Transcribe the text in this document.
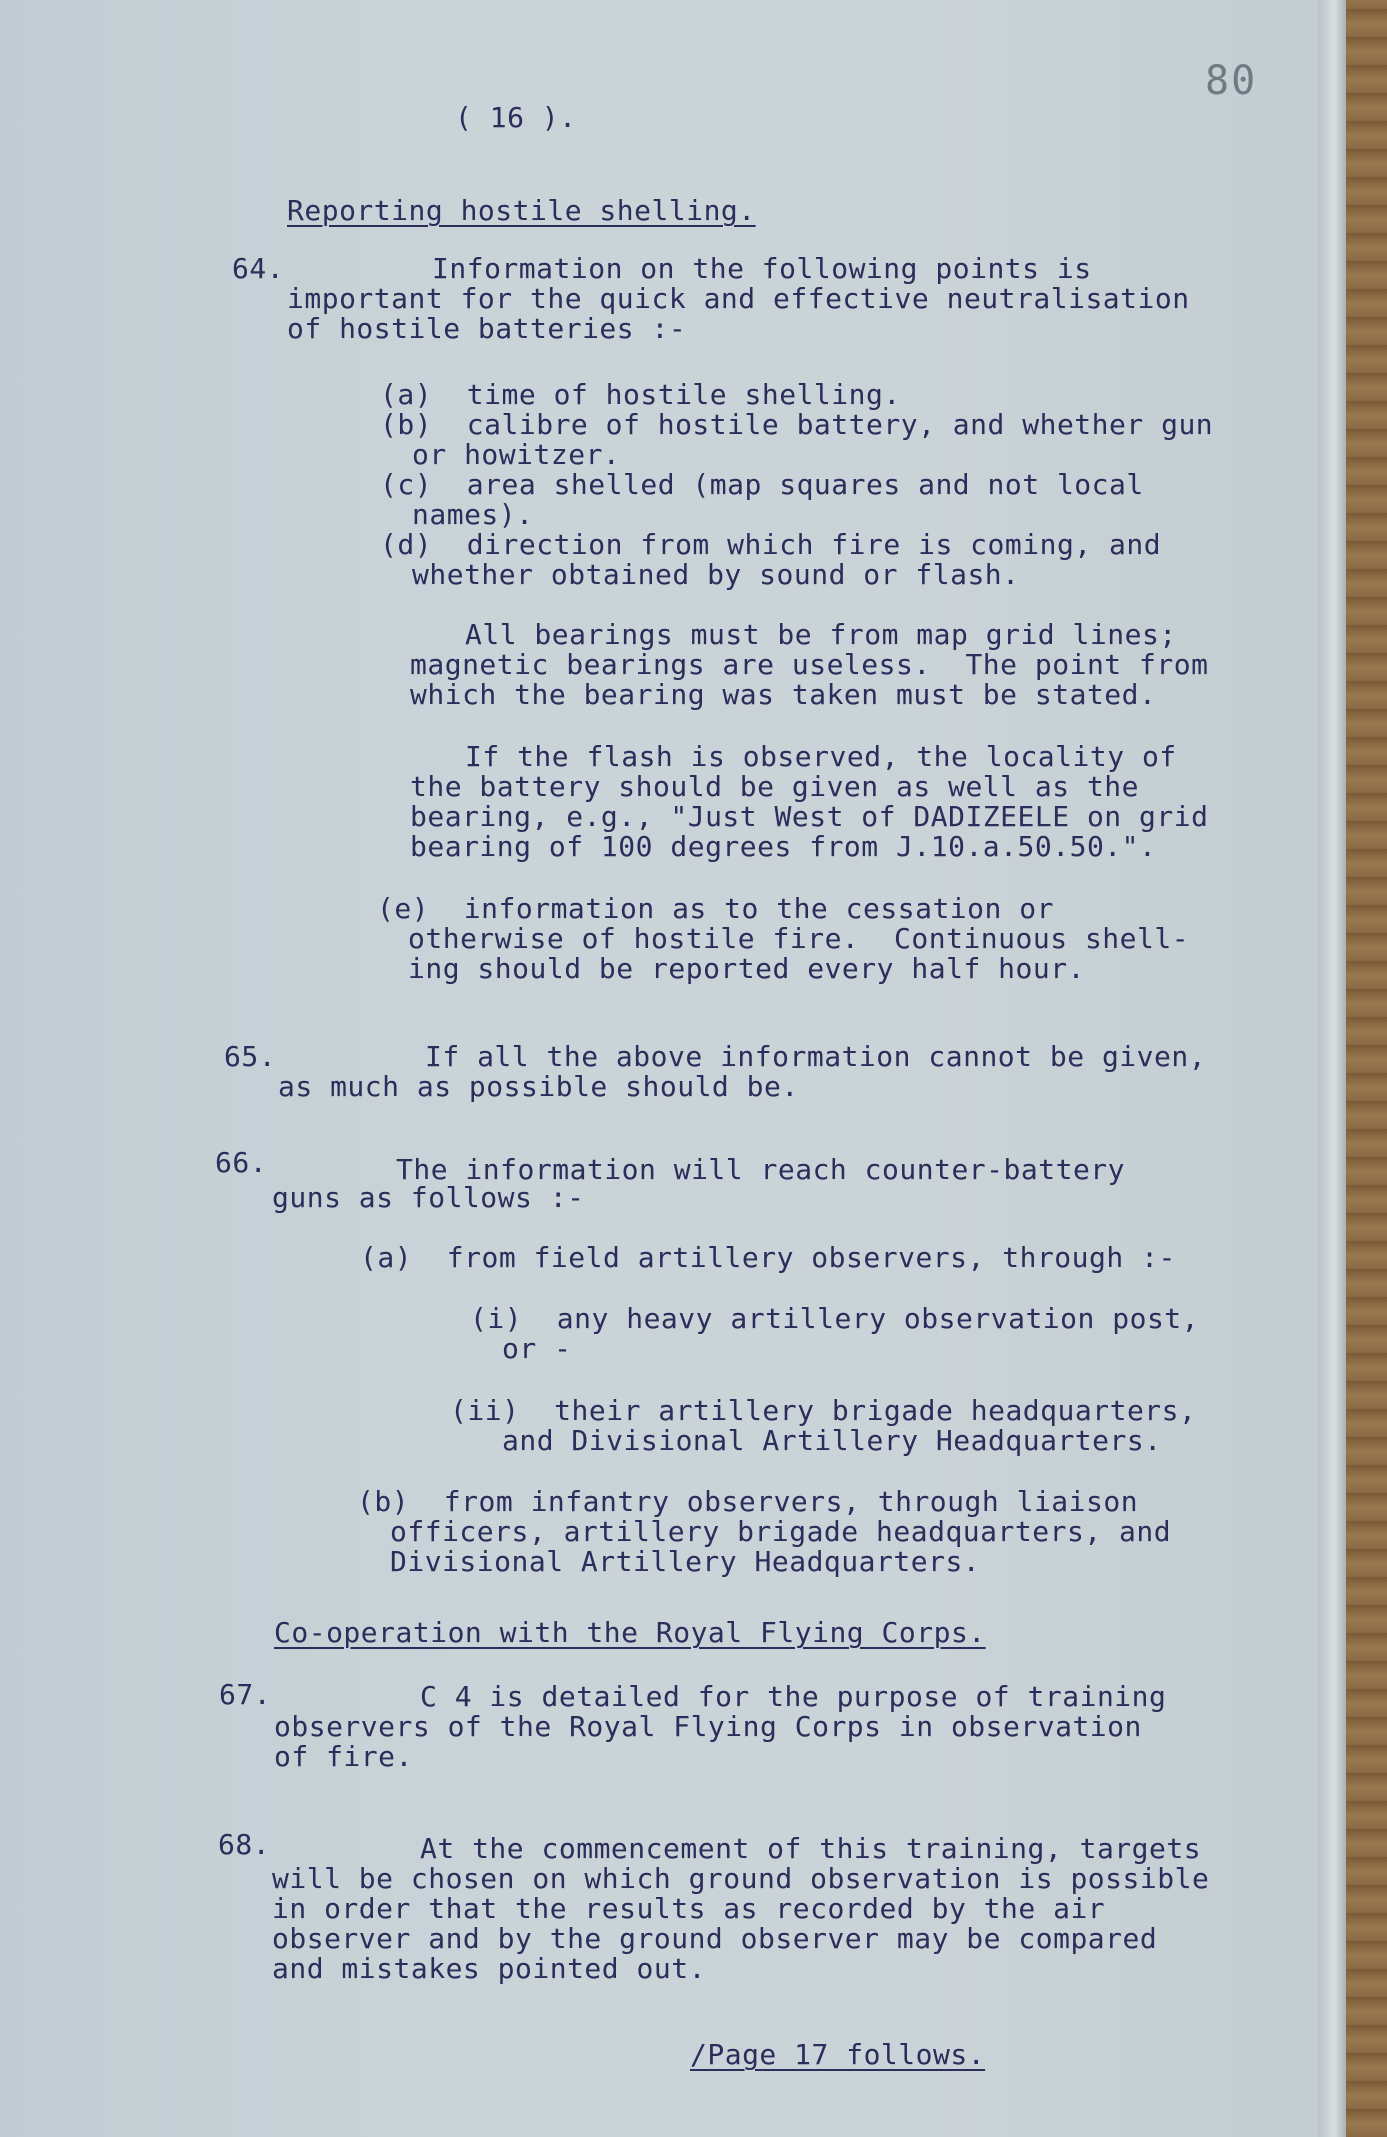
80
( 16 ).
Reporting hostile shelling.
64.	Information on the following points is
important for the quick and effective neutralisation
of hostile batteries :-
(a)  time of hostile shelling.
(b)  calibre of hostile battery, and whether gun
or howitzer.
(c)  area shelled (map squares and not local
names).
(d)  direction from which fire is coming, and
whether obtained by sound or flash.
All bearings must be from map grid lines;
magnetic bearings are useless.  The point from
which the bearing was taken must be stated.
If the flash is observed, the locality of
the battery should be given as well as the
bearing, e.g., "Just West of DADIZEELE on grid
bearing of 100 degrees from J.10.a.50.50.".
(e)  information as to the cessation or
otherwise of hostile fire.  Continuous shell-
ing should be reported every half hour.
65.	If all the above information cannot be given,
as much as possible should be.
66.	The information will reach counter-battery
guns as follows :-
(a)  from field artillery observers, through :-
(i)  any heavy artillery observation post,
or -
(ii)  their artillery brigade headquarters,
and Divisional Artillery Headquarters.
(b)  from infantry observers, through liaison
officers, artillery brigade headquarters, and
Divisional Artillery Headquarters.
Co-operation with the Royal Flying Corps.
67.	C 4 is detailed for the purpose of training
observers of the Royal Flying Corps in observation
of fire.
68.	At the commencement of this training, targets
will be chosen on which ground observation is possible
in order that the results as recorded by the air
observer and by the ground observer may be compared
and mistakes pointed out.
/Page 17 follows.
